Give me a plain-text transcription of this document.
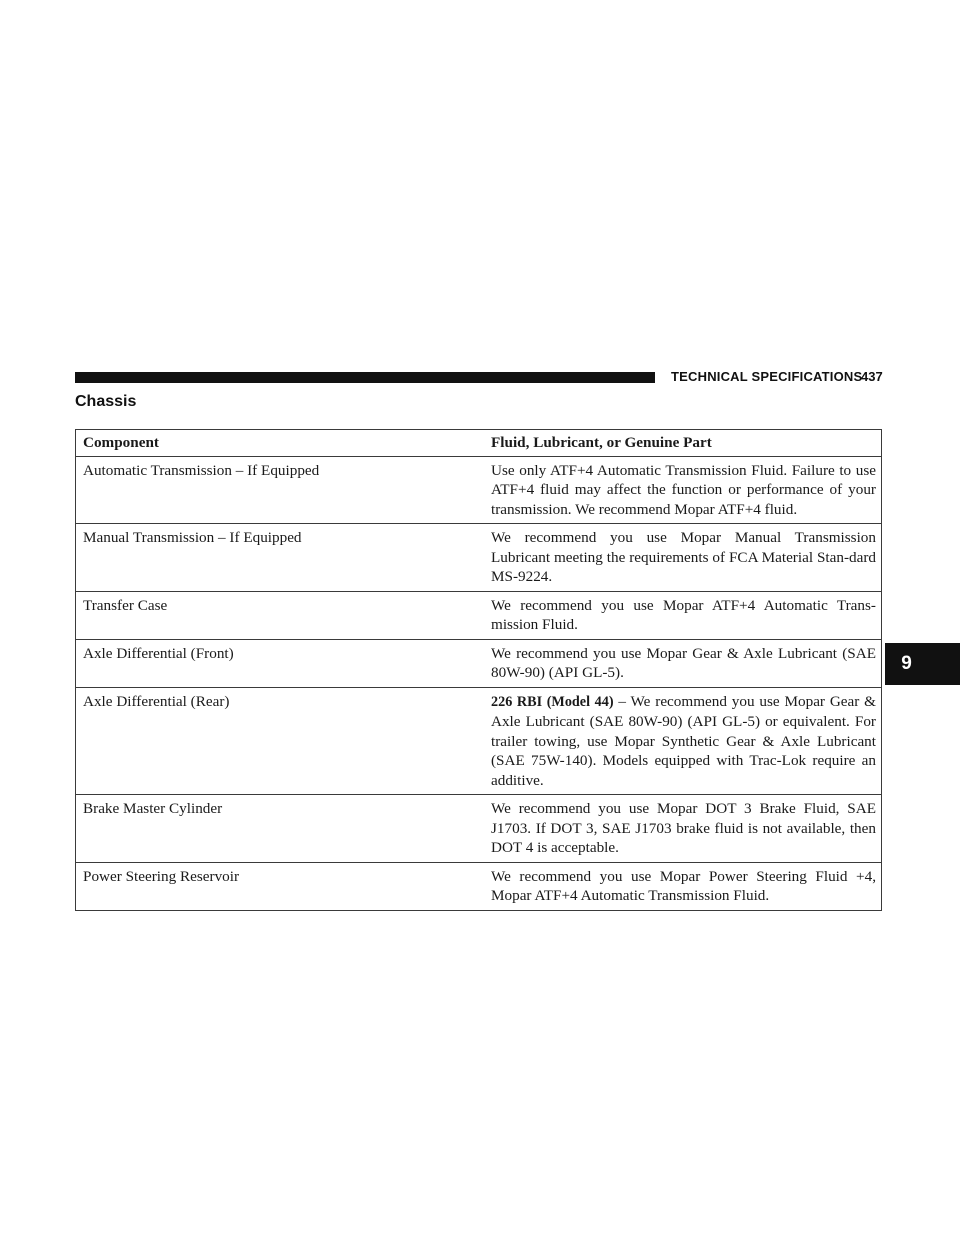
TECHNICAL SPECIFICATIONS
437
Chassis
9
Component	Fluid, Lubricant, or Genuine Part
Automatic Transmission – If Equipped	Use only ATF+4 Automatic Transmission Fluid. Failure to use ATF+4 fluid may affect the function or performance of your transmission. We recommend Mopar ATF+4 fluid.

Manual Transmission – If Equipped	We recommend you use Mopar Manual Transmission Lubricant meeting the requirements of FCA Material Stan-dard MS-9224.

Transfer Case	We recommend you use Mopar ATF+4 Automatic Trans-mission Fluid.

Axle Differential (Front)	We recommend you use Mopar Gear & Axle Lubricant (SAE 80W-90) (API GL-5).

Axle Differential (Rear)	226 RBI (Model 44) – We recommend you use Mopar Gear & Axle Lubricant (SAE 80W-90) (API GL-5) or equivalent. For trailer towing, use Mopar Synthetic Gear & Axle Lubricant (SAE 75W-140). Models equipped with Trac-Lok require an additive.

Brake Master Cylinder	We recommend you use Mopar DOT 3 Brake Fluid, SAE J1703. If DOT 3, SAE J1703 brake fluid is not available, then DOT 4 is acceptable.

Power Steering Reservoir	We recommend you use Mopar Power Steering Fluid +4, Mopar ATF+4 Automatic Transmission Fluid.
